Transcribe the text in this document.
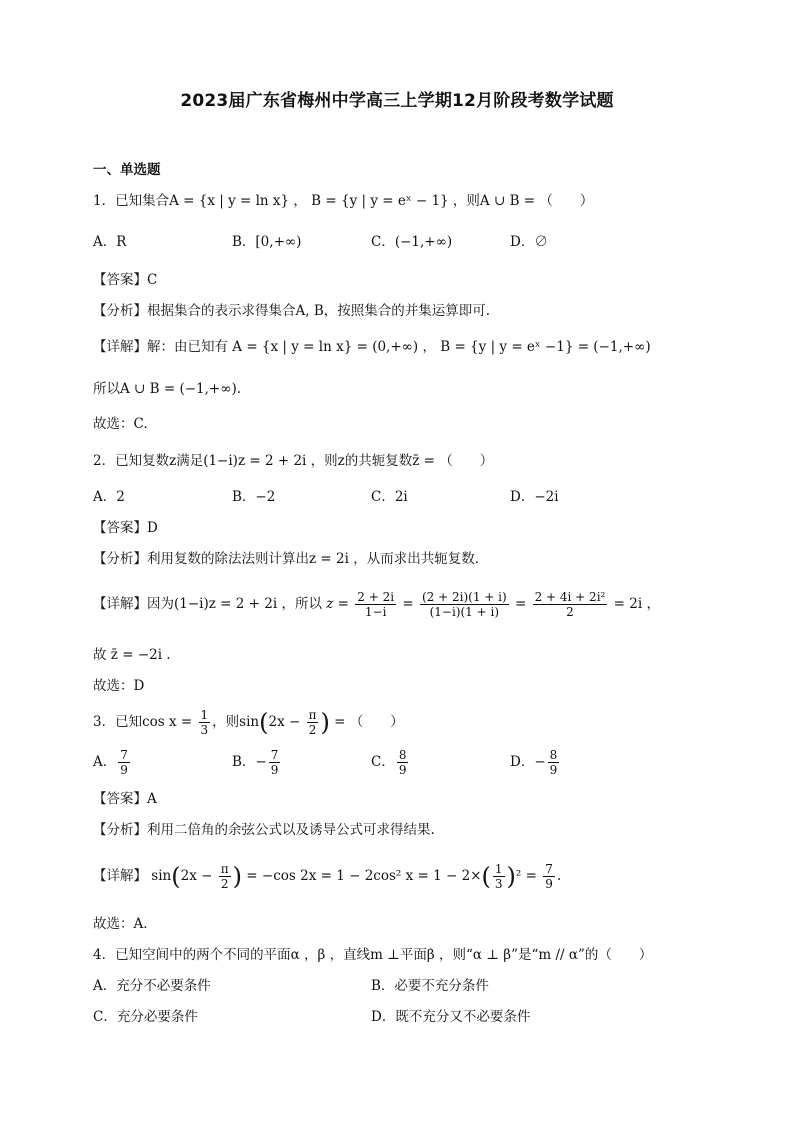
2023届广东省梅州中学高三上学期12月阶段考数学试题
一、单选题
1．已知集合A = {x | y = ln x} ， B = {y | y = eˣ − 1} ，则A ∪ B = （　　）
A．R	B．[0,+∞)	C．(−1,+∞)	D．∅
【答案】C
【分析】根据集合的表示求得集合A, B，按照集合的并集运算即可.
【详解】解：由已知有 A = {x | y = ln x} = (0,+∞) ， B = {y | y = eˣ −1} = (−1,+∞)
所以A ∪ B = (−1,+∞).
故选：C.
2．已知复数z满足(1−i)z = 2 + 2i ，则z的共轭复数z̄ = （　　）
A．2	B．−2	C．2i	D．−2i
【答案】D
【分析】利用复数的除法法则计算出z = 2i ，从而求出共轭复数.
【详解】因为(1−i)z = 2 + 2i ，所以 $z = \frac{2 + 2i}{1-i} = \frac{(2 + 2i)(1 + i)}{(1-i)(1 + i)} = \frac{\text{2 + 4i + 2i²}}{2} = 2i$ ，
故 z̄ = −2i .
故选：D
3．已知$\cos x = \frac{1}{3}$ ，则$\sin(2x - \frac{\pi}{2}$ ) = （　　）
A． $\frac{7}{9}$	B．− $\frac{7}{9}$	C． $\frac{8}{9}$	D．− $\frac{8}{9}$
【答案】A
【分析】利用二倍角的余弦公式以及诱导公式可求得结果.
【详解】 $\sin(2x - \frac{\pi}{2}$ ) = −cos 2x = 1 − 2cos² $x = 1 - 2\times( \frac{1}{3} )^2 = \frac{7}{9}$ .
故选：A.
4．已知空间中的两个不同的平面α ，β ，直线m ⊥平面β ，则“α ⊥ β”是“m // α”的（　　）
A．充分不必要条件	B．必要不充分条件
C．充分必要条件	D．既不充分又不必要条件
